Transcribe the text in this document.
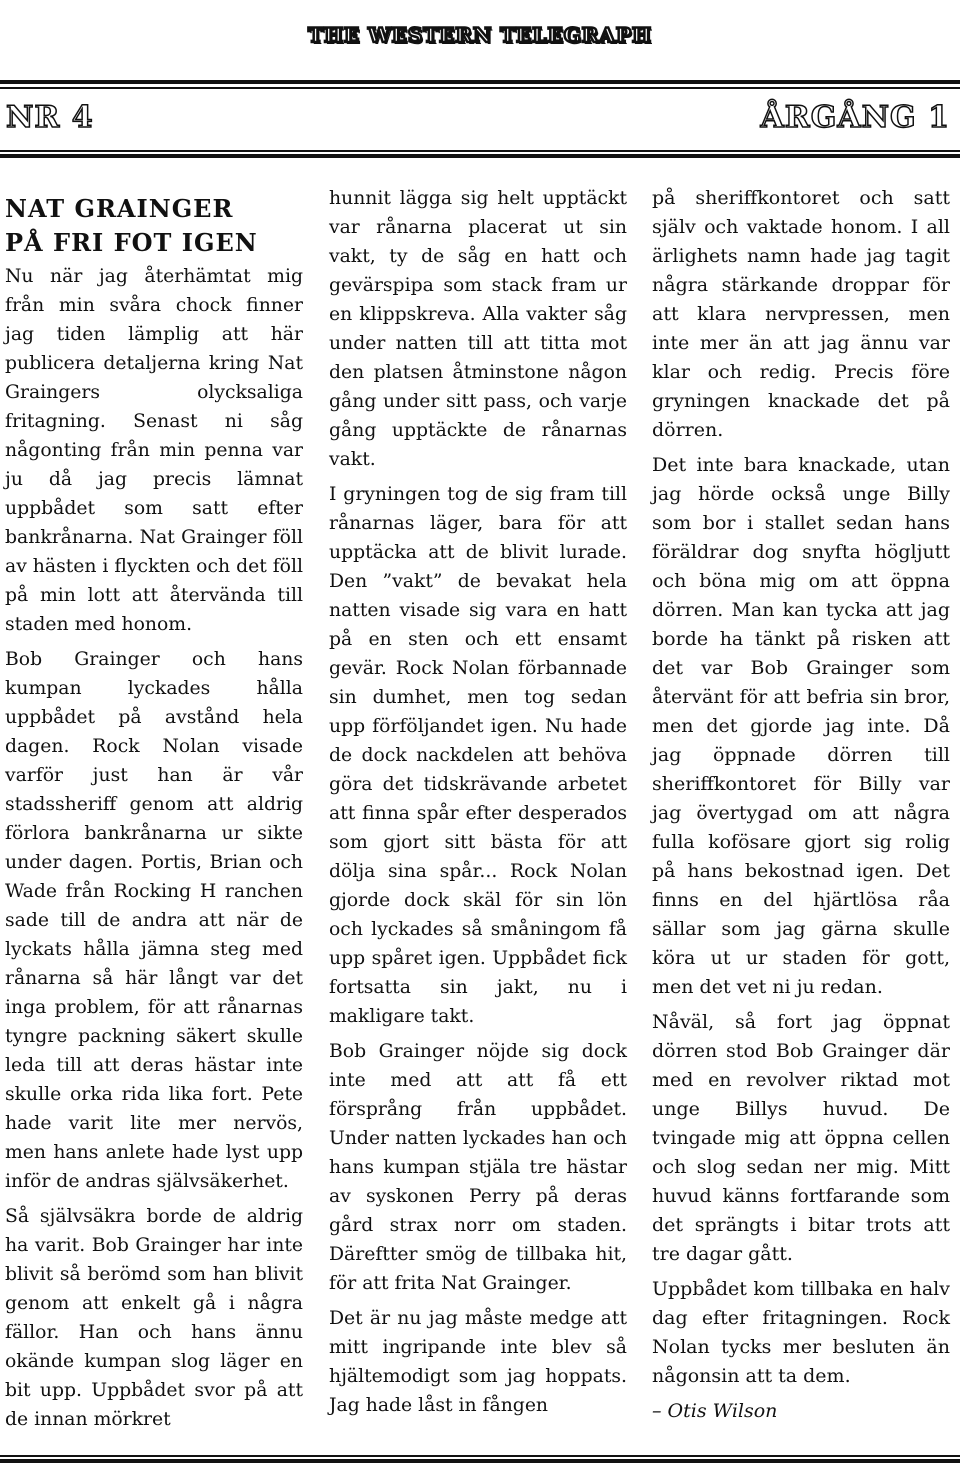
THE WESTERN TELEGRAPH
NR 4	ÅRGÅNG 1
NAT GRAINGER
PÅ FRI FOT IGEN

Nu när jag återhämtat mig från min svåra chock finner jag tiden lämplig att här publicera detaljerna kring Nat Graingers olycksaliga fritagning. Senast ni såg någonting från min penna var ju då jag precis lämnat uppbådet som satt efter bankrånarna. Nat Grainger föll av hästen i flyckten och det föll på min lott att återvända till staden med honom.

Bob Grainger och hans kumpan lyckades hålla uppbådet på avstånd hela dagen. Rock Nolan visade varför just han är vår stadssheriff genom att aldrig förlora bankrånarna ur sikte under dagen. Portis, Brian och Wade från Rocking H ranchen sade till de andra att när de lyckats hålla jämna steg med rånarna så här långt var det inga problem, för att rånarnas tyngre packning säkert skulle leda till att deras hästar inte skulle orka rida lika fort. Pete hade varit lite mer nervös, men hans anlete hade lyst upp inför de andras självsäkerhet.

Så självsäkra borde de aldrig ha varit. Bob Grainger har inte blivit så berömd som han blivit genom att enkelt gå i några fällor. Han och hans ännu okände kumpan slog läger en bit upp. Uppbådet svor på att de innan mörkret

hunnit lägga sig helt upptäckt var rånarna placerat ut sin vakt, ty de såg en hatt och gevärspipa som stack fram ur en klippskreva. Alla vakter såg under natten till att titta mot den platsen åtminstone någon gång under sitt pass, och varje gång upptäckte de rånarnas vakt.

I gryningen tog de sig fram till rånarnas läger, bara för att upptäcka att de blivit lurade. Den ”vakt” de bevakat hela natten visade sig vara en hatt på en sten och ett ensamt gevär. Rock Nolan förbannade sin dumhet, men tog sedan upp förföljandet igen. Nu hade de dock nackdelen att behöva göra det tidskrävande arbetet att finna spår efter desperados som gjort sitt bästa för att dölja sina spår... Rock Nolan gjorde dock skäl för sin lön och lyckades så småningom få upp spåret igen. Uppbådet fick fortsatta sin jakt, nu i makligare takt.

Bob Grainger nöjde sig dock inte med att att få ett försprång från uppbådet. Under natten lyckades han och hans kumpan stjäla tre hästar av syskonen Perry på deras gård strax norr om staden. Däreftter smög de tillbaka hit, för att frita Nat Grainger.

Det är nu jag måste medge att mitt ingripande inte blev så hjältemodigt som jag hoppats. Jag hade låst in fången

på sheriffkontoret och satt själv och vaktade honom. I all ärlighets namn hade jag tagit några stärkande droppar för att klara nervpressen, men inte mer än att jag ännu var klar och redig. Precis före gryningen knackade det på dörren.

Det inte bara knackade, utan jag hörde också unge Billy som bor i stallet sedan hans föräldrar dog snyfta högljutt och böna mig om att öppna dörren. Man kan tycka att jag borde ha tänkt på risken att det var Bob Grainger som återvänt för att befria sin bror, men det gjorde jag inte. Då jag öppnade dörren till sheriffkontoret för Billy var jag övertygad om att några fulla kofösare gjort sig rolig på hans bekostnad igen. Det finns en del hjärtlösa råa sällar som jag gärna skulle köra ut ur staden för gott, men det vet ni ju redan.

Nåväl, så fort jag öppnat dörren stod Bob Grainger där med en revolver riktad mot unge Billys huvud. De tvingade mig att öppna cellen och slog sedan ner mig. Mitt huvud känns fortfarande som det sprängts i bitar trots att tre dagar gått.

Uppbådet kom tillbaka en halv dag efter fritagningen. Rock Nolan tycks mer besluten än någonsin att ta dem.

– Otis Wilson
